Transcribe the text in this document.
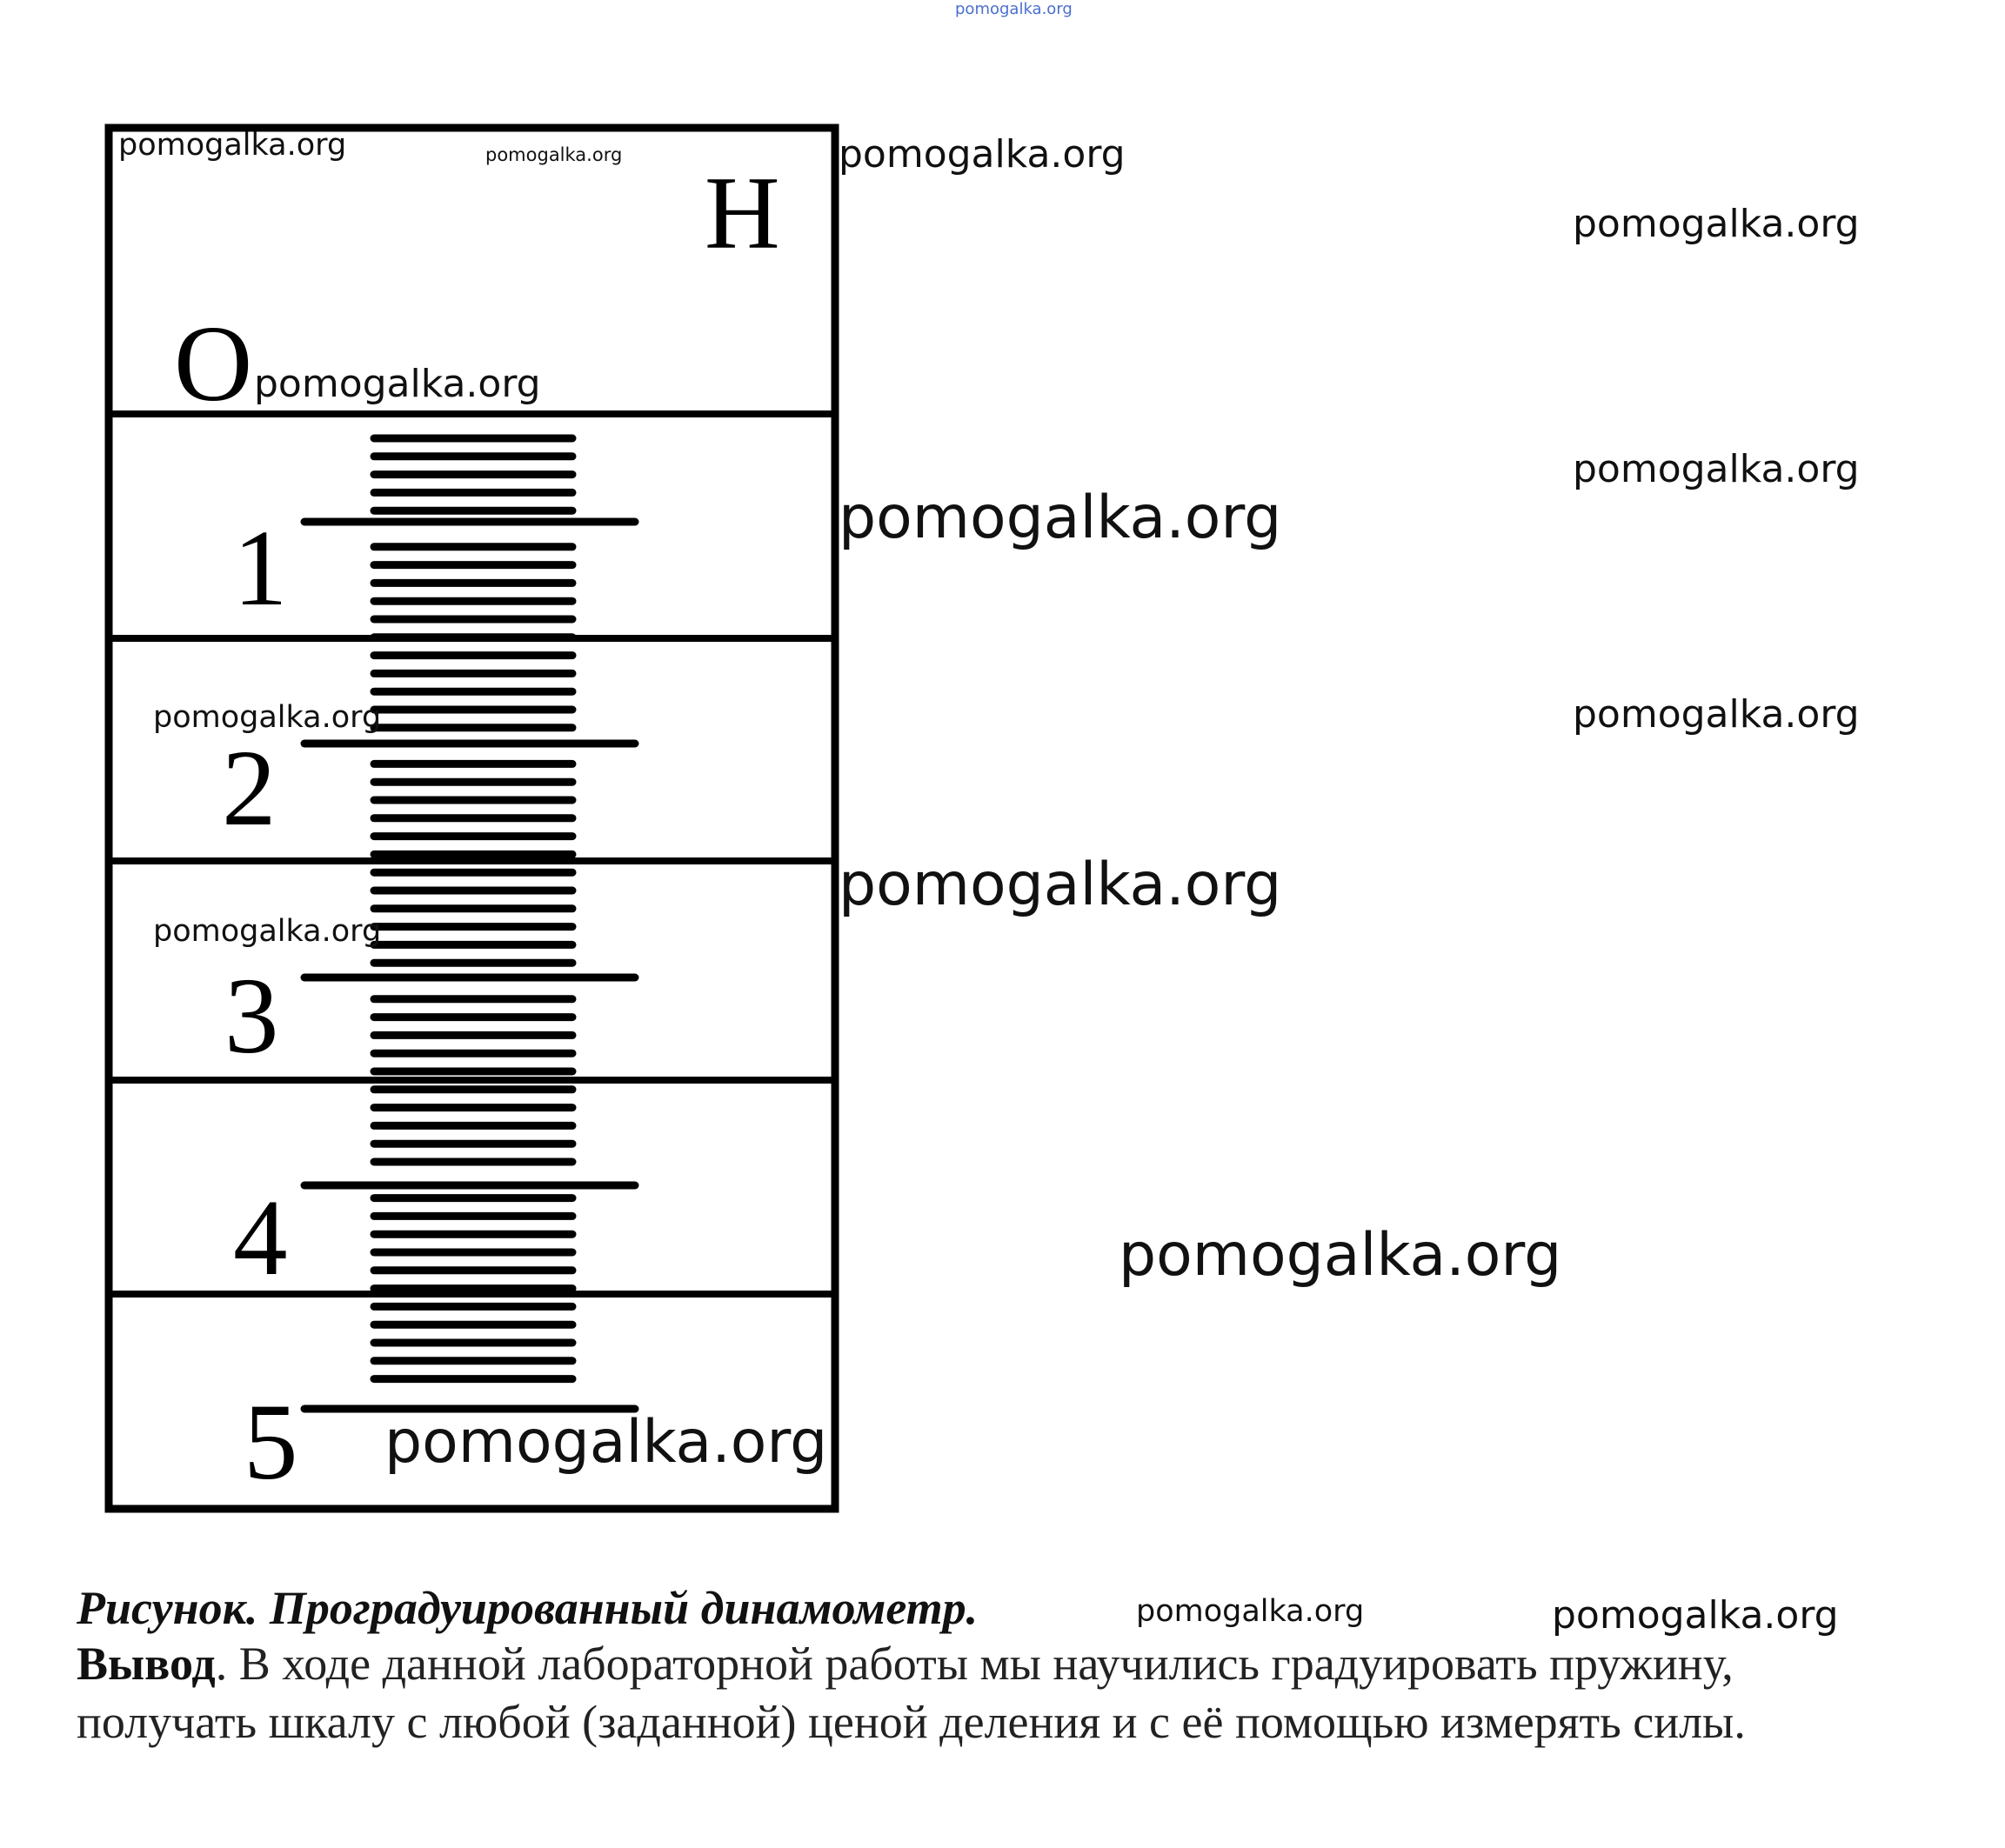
Н
О
1
2
3
4
5
pomogalka.org
pomogalka.org	pomogalka.org	pomogalka.org
pomogalka.org
pomogalka.org
pomogalka.org
pomogalka.org
pomogalka.org	pomogalka.org
pomogalka.org
pomogalka.org
pomogalka.org
pomogalka.org
pomogalka.org	pomogalka.org
Рисунок. Проградуированный динамометр.
Вывод. В ходе данной лабораторной работы мы научились градуировать пружину,
получать шкалу с любой (заданной) ценой деления и с её помощью измерять силы.
